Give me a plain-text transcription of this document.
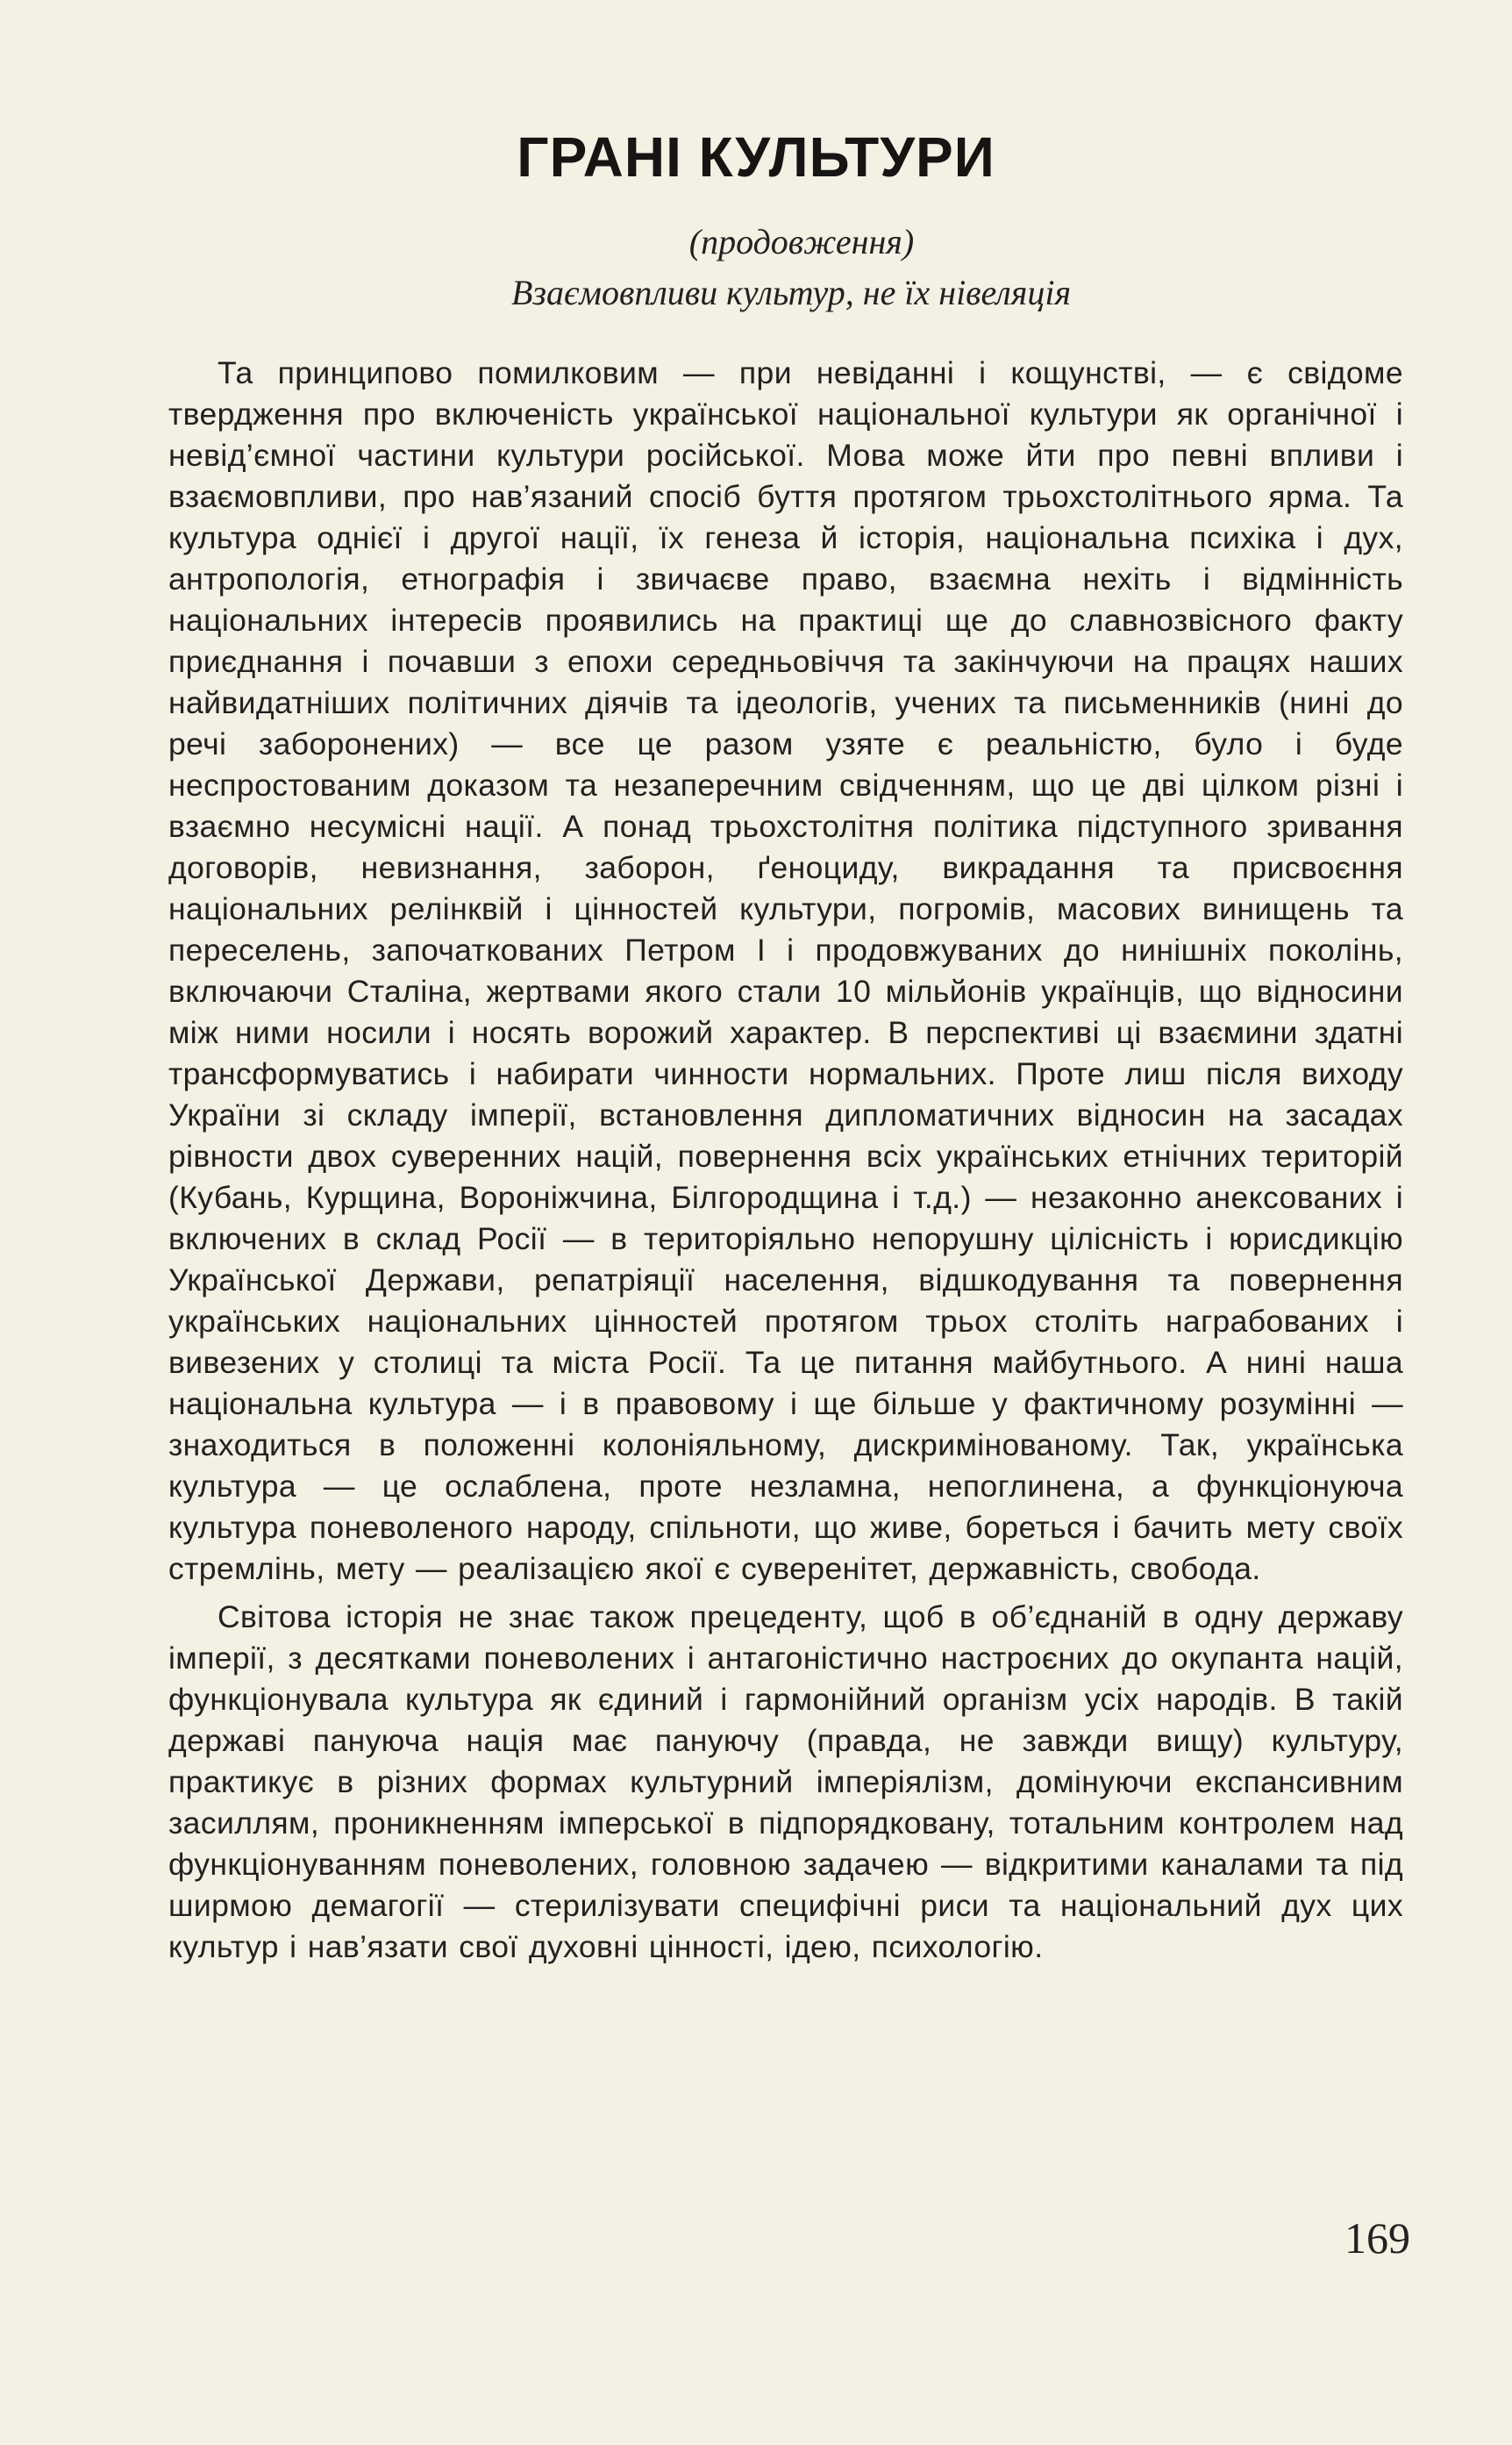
ГРАНІ КУЛЬТУРИ

(продовження)

Взаємовпливи культур, не їх нівеляція

Та принципово помилковим — при невіданні і кощунстві, — є свідоме твердження про включеність української національної культури як органічної і невід’ємної частини культури російської. Мова може йти про певні впливи і взаємовпливи, про нав’язаний спосіб буття протягом трьохстолітнього ярма. Та культура однієї і другої нації, їх генеза й історія, національна психіка і дух, антропологія, етнографія і звичаєве право, взаємна нехіть і відмінність національних інтересів проявились на практиці ще до славнозвісного факту приєднання і почавши з епохи середньовіччя та закінчуючи на працях наших найвидатніших політичних діячів та ідеологів, учених та письменників (нині до речі заборонених) — все це разом узяте є реальністю, було і буде неспростованим доказом та незаперечним свідченням, що це дві цілком різні і взаємно несумісні нації. А понад трьохстолітня політика підступного зривання договорів, невизнання, заборон, ґеноциду, викрадання та присвоєння національних релінквій і цінностей культури, погромів, масових винищень та переселень, започаткованих Петром І і продовжуваних до нинішніх поколінь, включаючи Сталіна, жертвами якого стали 10 мільйонів українців, що відносини між ними носили і носять ворожий характер. В перспективі ці взаємини здатні трансформуватись і набирати чинности нормальних. Проте лиш після виходу України зі складу імперії, встановлення дипломатичних відносин на засадах рівности двох суверенних націй, повернення всіх українських етнічних територій (Кубань, Курщина, Вороніжчина, Білгородщина і т.д.) — незаконно анексованих і включених в склад Росії — в територіяльно непорушну цілісність і юрисдикцію Української Держави, репатріяції населення, відшкодування та повернення українських національних цінностей протягом трьох століть награбованих і вивезених у столиці та міста Росії. Та це питання майбутнього. А нині наша національна культура — і в правовому і ще більше у фактичному розумінні — знаходиться в положенні колоніяльному, дискримінованому. Так, українська культура — це ослаблена, проте незламна, непоглинена, а функціонуюча культура поневоленого народу, спільноти, що живе, бореться і бачить мету своїх стремлінь, мету — реалізацією якої є суверенітет, державність, свобода.

Світова історія не знає також прецеденту, щоб в об’єднаній в одну державу імперії, з десятками поневолених і антагоністично настроєних до окупанта націй, функціонувала культура як єдиний і гармонійний організм усіх народів. В такій державі пануюча нація має пануючу (правда, не завжди вищу) культуру, практикує в різних формах культурний імперіялізм, домінуючи експансивним засиллям, проникненням імперської в підпорядковану, тотальним контролем над функціонуванням поневолених, головною задачею — відкритими каналами та під ширмою демагогії — стерилізувати специфічні риси та національний дух цих культур і нав’язати свої духовні цінності, ідею, психологію.

169
